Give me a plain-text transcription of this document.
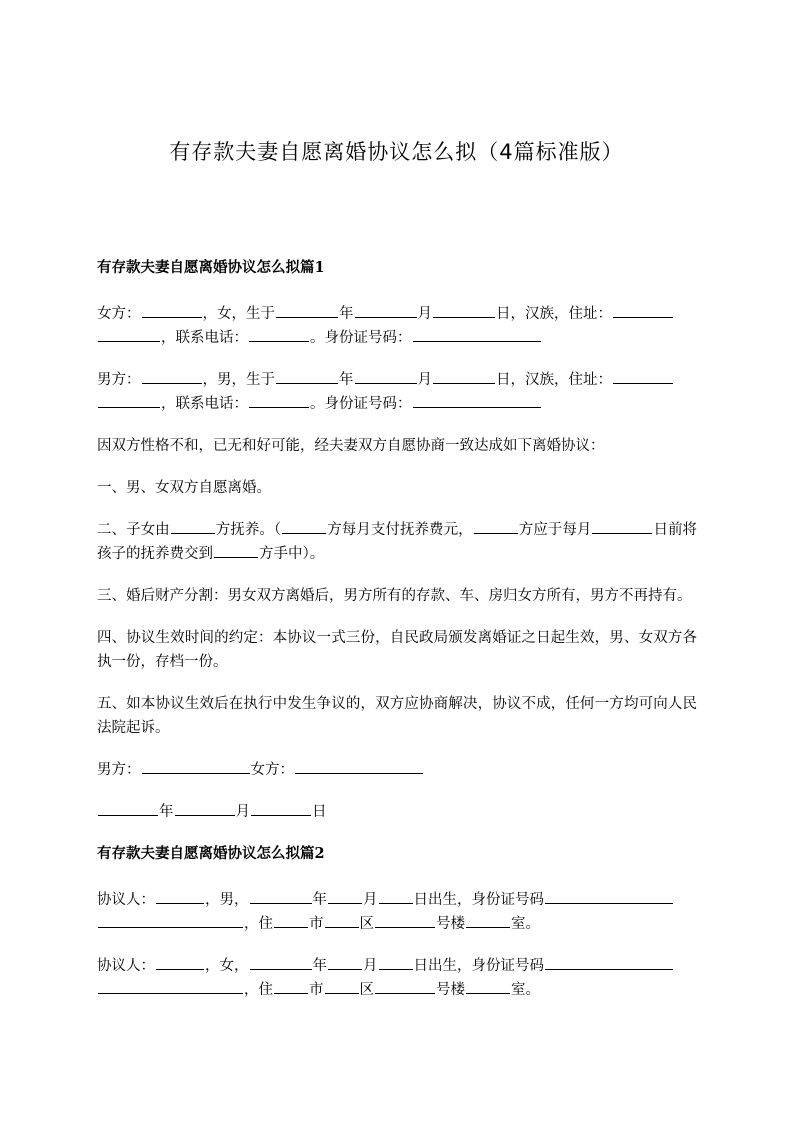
有存款夫妻自愿离婚协议怎么拟（4篇标准版）
有存款夫妻自愿离婚协议怎么拟篇1
女方：	，女，生于	年	月	日，汉族，住址：
，联系电话：	。身份证号码：
男方：	，男，生于	年	月	日，汉族，住址：
，联系电话：	。身份证号码：
因双方性格不和，已无和好可能，经夫妻双方自愿协商一致达成如下离婚协议：
一、男、女双方自愿离婚。
二、子女由	方抚养。（	方每月支付抚养费元，	方应于每月	日前将孩子的抚养费交到	方手中）。
三、婚后财产分割：男女双方离婚后，男方所有的存款、车、房归女方所有，男方不再持有。
四、协议生效时间的约定：本协议一式三份，自民政局颁发离婚证之日起生效，男、女双方各执一份，存档一份。
五、如本协议生效后在执行中发生争议的，双方应协商解决，协议不成，任何一方均可向人民法院起诉。
男方：	女方：
年	月	日
有存款夫妻自愿离婚协议怎么拟篇2
协议人：	，男，	年 月 日出生，身份证号码
，住 市 区	号楼	室。
协议人：	，女，	年 月 日出生，身份证号码
，住 市 区	号楼	室。
